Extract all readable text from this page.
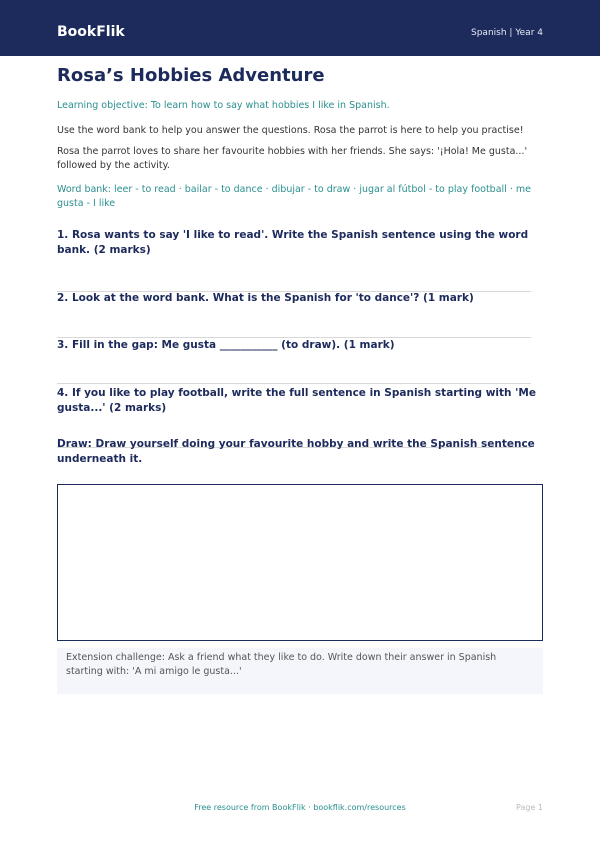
BookFlik	Spanish | Year 4
Rosa’s Hobbies Adventure

Learning objective: To learn how to say what hobbies I like in Spanish.

Use the word bank to help you answer the questions. Rosa the parrot is here to help you practise!

Rosa the parrot loves to share her favourite hobbies with her friends. She says: '¡Hola! Me gusta...' followed by the activity.

Word bank: leer - to read · bailar - to dance · dibujar - to draw · jugar al fútbol - to play football · me gusta - I like

1. Rosa wants to say 'I like to read'. Write the Spanish sentence using the word bank. (2 marks)

2. Look at the word bank. What is the Spanish for 'to dance'? (1 mark)

3. Fill in the gap: Me gusta ___________ (to draw). (1 mark)

4. If you like to play football, write the full sentence in Spanish starting with 'Me gusta...' (2 marks)

Draw: Draw yourself doing your favourite hobby and write the Spanish sentence underneath it.

Extension challenge: Ask a friend what they like to do. Write down their answer in Spanish starting with: 'A mi amigo le gusta...'
Free resource from BookFlik · bookflik.com/resources	Page 1
